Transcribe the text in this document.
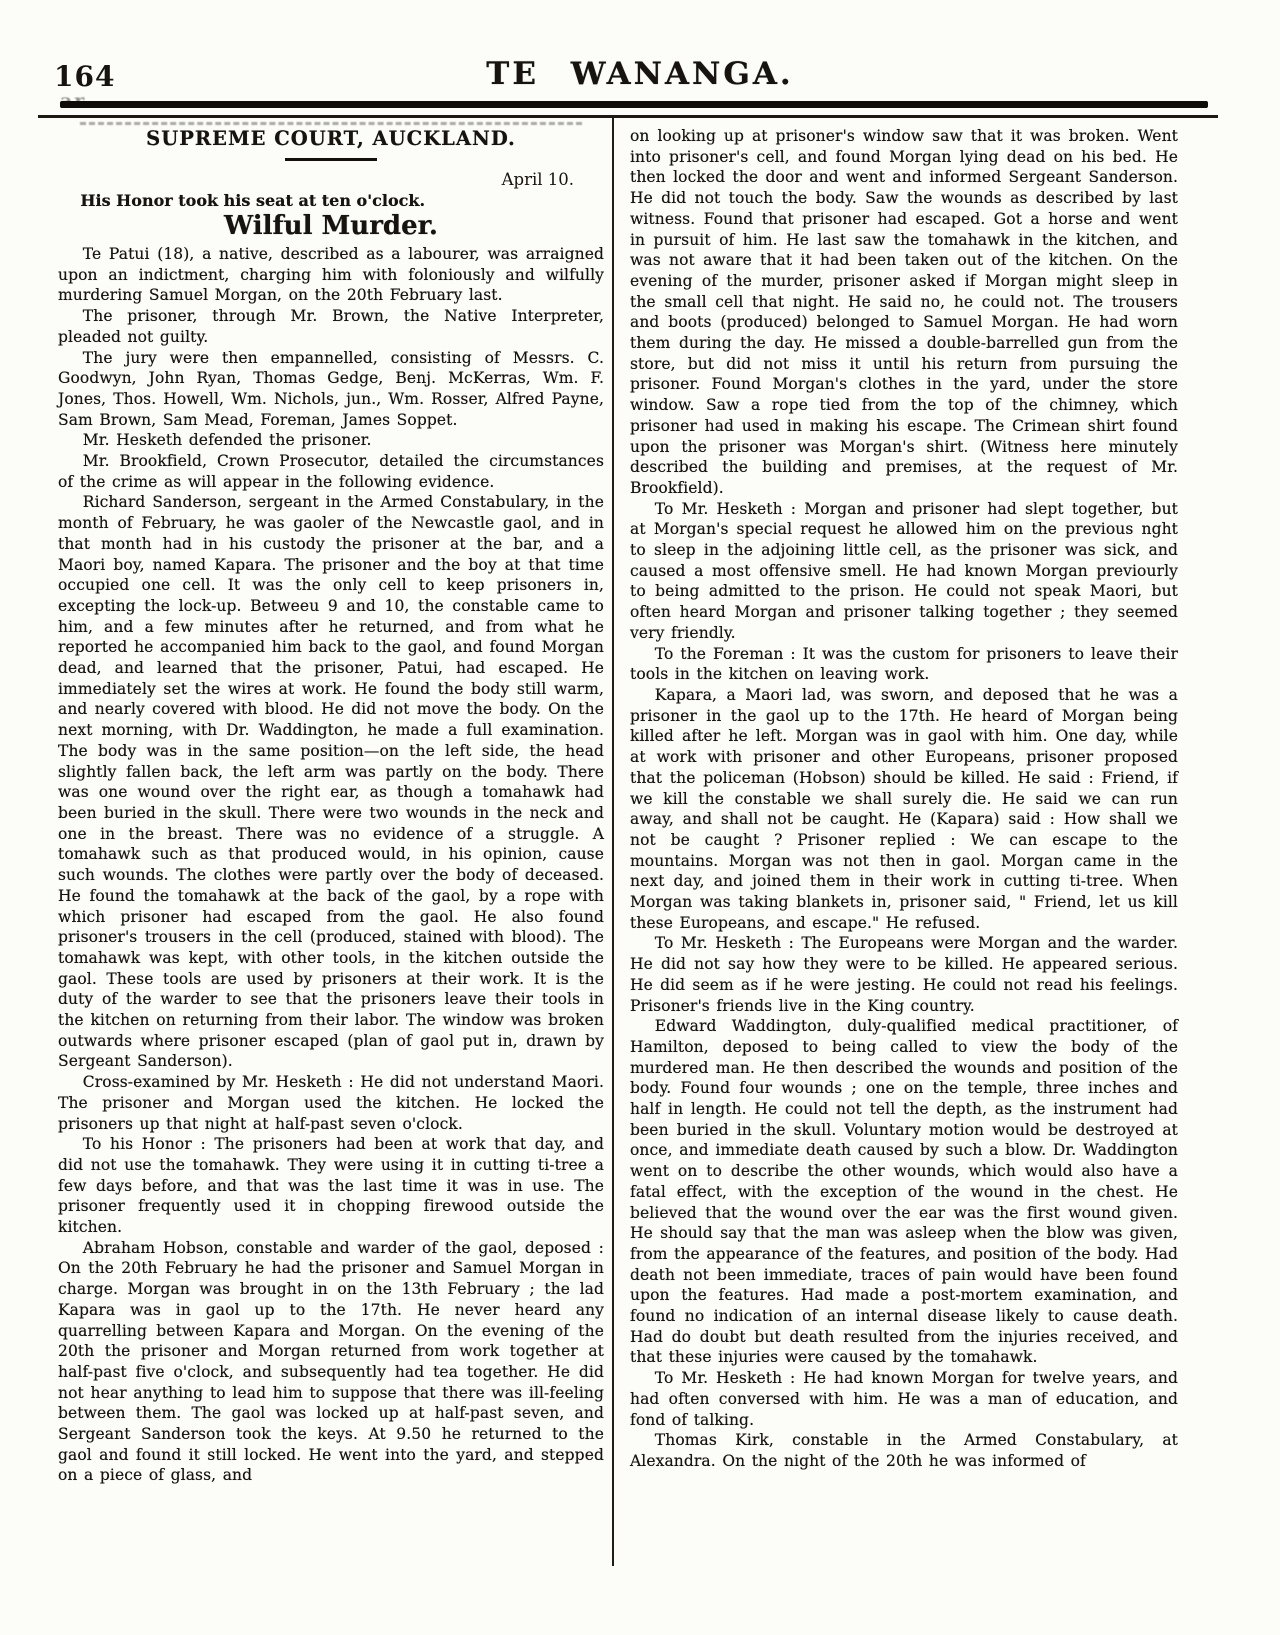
164	TE WANANGA.
SUPREME COURT, AUCKLAND.

April 10.

His Honor took his seat at ten o'clock.

Wilful Murder.

Te Patui (18), a native, described as a labourer, was arraigned upon an indictment, charging him with foloniously and wilfully murdering Samuel Morgan, on the 20th February last.

The prisoner, through Mr. Brown, the Native Interpreter, pleaded not guilty.

The jury were then empannelled, consisting of Messrs. C. Goodwyn, John Ryan, Thomas Gedge, Benj. McKerras, Wm. F. Jones, Thos. Howell, Wm. Nichols, jun., Wm. Rosser, Alfred Payne, Sam Brown, Sam Mead, Foreman, James Soppet.

Mr. Hesketh defended the prisoner.

Mr. Brookfield, Crown Prosecutor, detailed the circumstances of the crime as will appear in the following evidence.

Richard Sanderson, sergeant in the Armed Constabulary, in the month of February, he was gaoler of the Newcastle gaol, and in that month had in his custody the prisoner at the bar, and a Maori boy, named Kapara. The prisoner and the boy at that time occupied one cell. It was the only cell to keep prisoners in, excepting the lock-up. Betweeu 9 and 10, the constable came to him, and a few minutes after he returned, and from what he reported he accompanied him back to the gaol, and found Morgan dead, and learned that the prisoner, Patui, had escaped. He immediately set the wires at work. He found the body still warm, and nearly covered with blood. He did not move the body. On the next morning, with Dr. Waddington, he made a full examination. The body was in the same position—on the left side, the head slightly fallen back, the left arm was partly on the body. There was one wound over the right ear, as though a tomahawk had been buried in the skull. There were two wounds in the neck and one in the breast. There was no evidence of a struggle. A tomahawk such as that produced would, in his opinion, cause such wounds. The clothes were partly over the body of deceased. He found the tomahawk at the back of the gaol, by a rope with which prisoner had escaped from the gaol. He also found prisoner's trousers in the cell (produced, stained with blood). The tomahawk was kept, with other tools, in the kitchen outside the gaol. These tools are used by prisoners at their work. It is the duty of the warder to see that the prisoners leave their tools in the kitchen on returning from their labor. The window was broken outwards where prisoner escaped (plan of gaol put in, drawn by Sergeant Sanderson).

Cross-examined by Mr. Hesketh : He did not understand Maori. The prisoner and Morgan used the kitchen. He locked the prisoners up that night at half-past seven o'clock.

To his Honor : The prisoners had been at work that day, and did not use the tomahawk. They were using it in cutting ti-tree a few days before, and that was the last time it was in use. The prisoner frequently used it in chopping firewood outside the kitchen.

Abraham Hobson, constable and warder of the gaol, deposed : On the 20th February he had the prisoner and Samuel Morgan in charge. Morgan was brought in on the 13th February ; the lad Kapara was in gaol up to the 17th. He never heard any quarrelling between Kapara and Morgan. On the evening of the 20th the prisoner and Morgan returned from work together at half-past five o'clock, and subsequently had tea together. He did not hear anything to lead him to suppose that there was ill-feeling between them. The gaol was locked up at half-past seven, and Sergeant Sanderson took the keys. At 9.50 he returned to the gaol and found it still locked. He went into the yard, and stepped on a piece of glass, and

on looking up at prisoner's window saw that it was broken. Went into prisoner's cell, and found Morgan lying dead on his bed. He then locked the door and went and informed Sergeant Sanderson. He did not touch the body. Saw the wounds as described by last witness. Found that prisoner had escaped. Got a horse and went in pursuit of him. He last saw the tomahawk in the kitchen, and was not aware that it had been taken out of the kitchen. On the evening of the murder, prisoner asked if Morgan might sleep in the small cell that night. He said no, he could not. The trousers and boots (produced) belonged to Samuel Morgan. He had worn them during the day. He missed a double-barrelled gun from the store, but did not miss it until his return from pursuing the prisoner. Found Morgan's clothes in the yard, under the store window. Saw a rope tied from the top of the chimney, which prisoner had used in making his escape. The Crimean shirt found upon the prisoner was Morgan's shirt. (Witness here minutely described the building and premises, at the request of Mr. Brookfield).

To Mr. Hesketh : Morgan and prisoner had slept together, but at Morgan's special request he allowed him on the previous nght to sleep in the adjoining little cell, as the prisoner was sick, and caused a most offensive smell. He had known Morgan previourly to being admitted to the prison. He could not speak Maori, but often heard Morgan and prisoner talking together ; they seemed very friendly.

To the Foreman : It was the custom for prisoners to leave their tools in the kitchen on leaving work.

Kapara, a Maori lad, was sworn, and deposed that he was a prisoner in the gaol up to the 17th. He heard of Morgan being killed after he left. Morgan was in gaol with him. One day, while at work with prisoner and other Europeans, prisoner proposed that the policeman (Hobson) should be killed. He said : Friend, if we kill the constable we shall surely die. He said we can run away, and shall not be caught. He (Kapara) said : How shall we not be caught ? Prisoner replied : We can escape to the mountains. Morgan was not then in gaol. Morgan came in the next day, and joined them in their work in cutting ti-tree. When Morgan was taking blankets in, prisoner said, " Friend, let us kill these Europeans, and escape." He refused.

To Mr. Hesketh : The Europeans were Morgan and the warder. He did not say how they were to be killed. He appeared serious. He did seem as if he were jesting. He could not read his feelings. Prisoner's friends live in the King country.

Edward Waddington, duly-qualified medical practitioner, of Hamilton, deposed to being called to view the body of the murdered man. He then described the wounds and position of the body. Found four wounds ; one on the temple, three inches and half in length. He could not tell the depth, as the instrument had been buried in the skull. Voluntary motion would be destroyed at once, and immediate death caused by such a blow. Dr. Waddington went on to describe the other wounds, which would also have a fatal effect, with the exception of the wound in the chest. He believed that the wound over the ear was the first wound given. He should say that the man was asleep when the blow was given, from the appearance of the features, and position of the body. Had death not been immediate, traces of pain would have been found upon the features. Had made a post-mortem examination, and found no indication of an internal disease likely to cause death. Had do doubt but death resulted from the injuries received, and that these injuries were caused by the tomahawk.

To Mr. Hesketh : He had known Morgan for twelve years, and had often conversed with him. He was a man of education, and fond of talking.

Thomas Kirk, constable in the Armed Constabulary, at Alexandra. On the night of the 20th he was informed of
